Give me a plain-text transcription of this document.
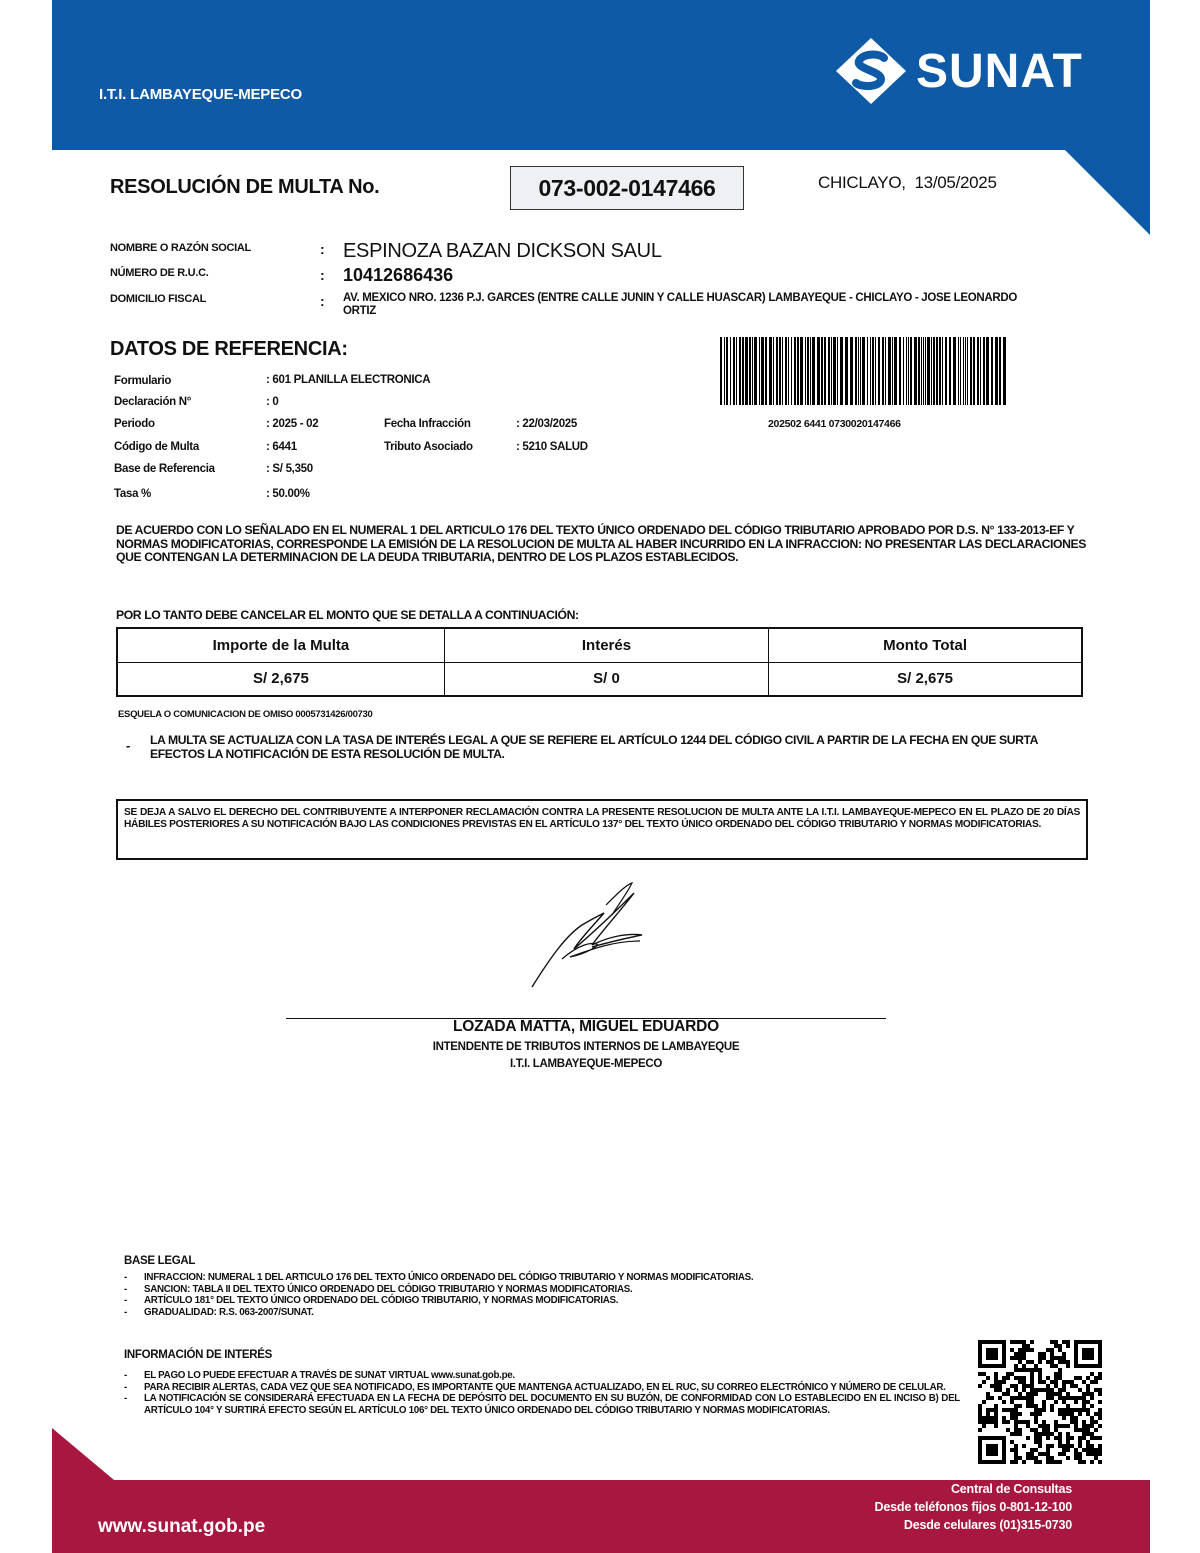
I.T.I. LAMBAYEQUE-MEPECO	SUNAT
RESOLUCIÓN DE MULTA No.	073-002-0147466	CHICLAYO, 13/05/2025
NOMBRE O RAZÓN SOCIAL	: ESPINOZA BAZAN DICKSON SAUL
NÚMERO DE R.U.C.	: 10412686436
DOMICILIO FISCAL	: AV. MEXICO NRO. 1236 P.J. GARCES (ENTRE CALLE JUNIN Y CALLE HUASCAR) LAMBAYEQUE - CHICLAYO - JOSE LEONARDO ORTIZ
DATOS DE REFERENCIA:
Formulario	: 601 PLANILLA ELECTRONICA
Declaración N°	: 0
Periodo	: 2025 - 02	Fecha Infracción	: 22/03/2025
Código de Multa	: 6441	Tributo Asociado	: 5210 SALUD
Base de Referencia	: S/ 5,350
Tasa %	: 50.00%
202502 6441 0730020147466
DE ACUERDO CON LO SEÑALADO EN EL NUMERAL 1 DEL ARTICULO 176 DEL TEXTO ÚNICO ORDENADO DEL CÓDIGO TRIBUTARIO APROBADO POR D.S. N° 133-2013-EF Y NORMAS MODIFICATORIAS, CORRESPONDE LA EMISIÓN DE LA RESOLUCION DE MULTA AL HABER INCURRIDO EN LA INFRACCION: NO PRESENTAR LAS DECLARACIONES QUE CONTENGAN LA DETERMINACION DE LA DEUDA TRIBUTARIA, DENTRO DE LOS PLAZOS ESTABLECIDOS.
POR LO TANTO DEBE CANCELAR EL MONTO QUE SE DETALLA A CONTINUACIÓN:
Importe de la Multa	Interés	Monto Total
S/ 2,675	S/ 0	S/ 2,675
ESQUELA O COMUNICACION DE OMISO 0005731426/00730
- LA MULTA SE ACTUALIZA CON LA TASA DE INTERÉS LEGAL A QUE SE REFIERE EL ARTÍCULO 1244 DEL CÓDIGO CIVIL A PARTIR DE LA FECHA EN QUE SURTA EFECTOS LA NOTIFICACIÓN DE ESTA RESOLUCIÓN DE MULTA.
SE DEJA A SALVO EL DERECHO DEL CONTRIBUYENTE A INTERPONER RECLAMACIÓN CONTRA LA PRESENTE RESOLUCION DE MULTA ANTE LA I.T.I. LAMBAYEQUE-MEPECO EN EL PLAZO DE 20 DÍAS HÁBILES POSTERIORES A SU NOTIFICACIÓN BAJO LAS CONDICIONES PREVISTAS EN EL ARTÍCULO 137° DEL TEXTO ÚNICO ORDENADO DEL CÓDIGO TRIBUTARIO Y NORMAS MODIFICATORIAS.
LOZADA MATTA, MIGUEL EDUARDO
INTENDENTE DE TRIBUTOS INTERNOS DE LAMBAYEQUE
I.T.I. LAMBAYEQUE-MEPECO
BASE LEGAL
- INFRACCION: NUMERAL 1 DEL ARTICULO 176 DEL TEXTO ÚNICO ORDENADO DEL CÓDIGO TRIBUTARIO Y NORMAS MODIFICATORIAS.
- SANCION: TABLA II DEL TEXTO ÚNICO ORDENADO DEL CÓDIGO TRIBUTARIO Y NORMAS MODIFICATORIAS.
- ARTÍCULO 181° DEL TEXTO ÚNICO ORDENADO DEL CÓDIGO TRIBUTARIO, Y NORMAS MODIFICATORIAS.
- GRADUALIDAD: R.S. 063-2007/SUNAT.
INFORMACIÓN DE INTERÉS
- EL PAGO LO PUEDE EFECTUAR A TRAVÉS DE SUNAT VIRTUAL www.sunat.gob.pe.
- PARA RECIBIR ALERTAS, CADA VEZ QUE SEA NOTIFICADO, ES IMPORTANTE QUE MANTENGA ACTUALIZADO, EN EL RUC, SU CORREO ELECTRÓNICO Y NÚMERO DE CELULAR.
- LA NOTIFICACIÓN SE CONSIDERARÁ EFECTUADA EN LA FECHA DE DEPÓSITO DEL DOCUMENTO EN SU BUZÓN, DE CONFORMIDAD CON LO ESTABLECIDO EN EL INCISO B) DEL ARTÍCULO 104° Y SURTIRÁ EFECTO SEGÚN EL ARTÍCULO 106° DEL TEXTO ÚNICO ORDENADO DEL CÓDIGO TRIBUTARIO Y NORMAS MODIFICATORIAS.
www.sunat.gob.pe
Central de Consultas
Desde teléfonos fijos 0-801-12-100
Desde celulares (01)315-0730
